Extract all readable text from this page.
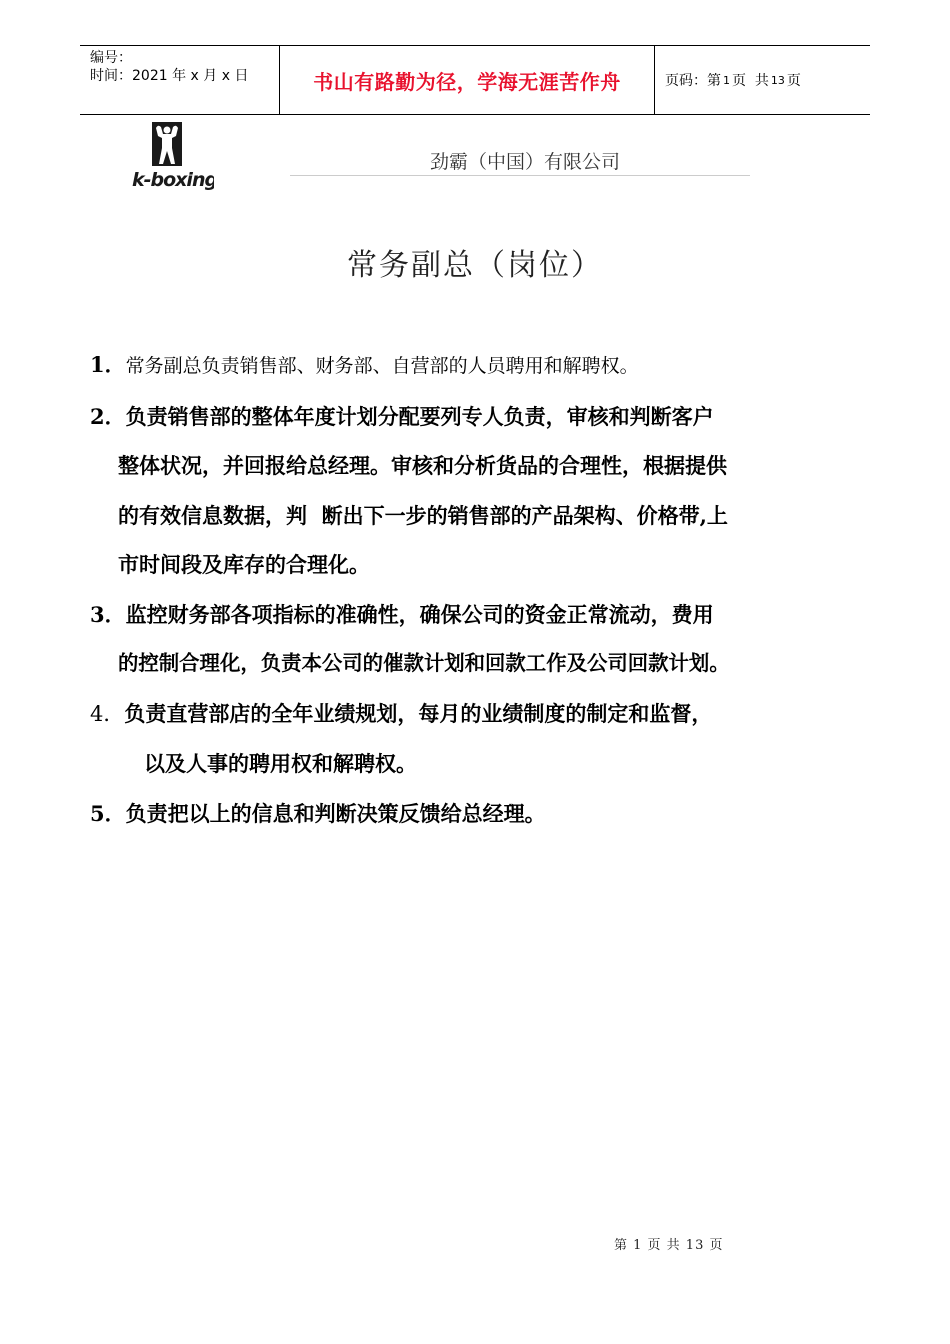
编号：
时间：2021 年 x 月 x 日	书山有路勤为径，学海无涯苦作舟	页码：第 1 页  共 13 页
k-boxing
劲霸（中国）有限公司
常务副总（岗位）
1．常务副总负责销售部、财务部、自营部的人员聘用和解聘权。
2．负责销售部的整体年度计划分配要列专人负责，审核和判断客户
整体状况，并回报给总经理。审核和分析货品的合理性，根据提供
的有效信息数据，判  断出下一步的销售部的产品架构、价格带,上
市时间段及库存的合理化。
3．监控财务部各项指标的准确性，确保公司的资金正常流动，费用
的控制合理化，负责本公司的催款计划和回款工作及公司回款计划。
4．负责直营部店的全年业绩规划，每月的业绩制度的制定和监督，
以及人事的聘用权和解聘权。
5．负责把以上的信息和判断决策反馈给总经理。
第 1 页 共 13 页
